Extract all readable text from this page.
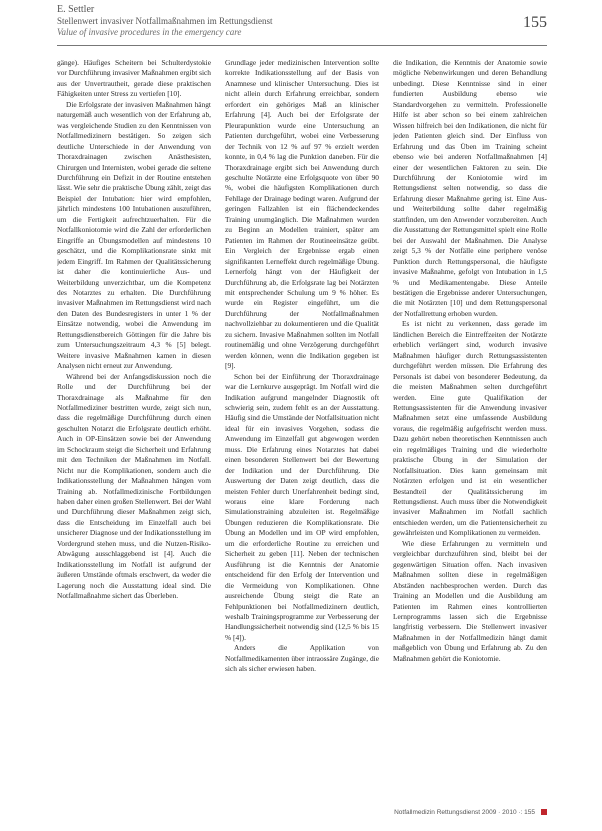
E. Settler
Stellenwert invasiver Notfallmaßnahmen im Rettungsdienst
Value of invasive procedures in the emergency care
155

gänge). Häufiges Scheitern bei Schulterdystokie vor Durchführung invasiver Maßnahmen ergibt sich aus der Unvertrautheit, gerade diese praktischen Fähigkeiten unter Stress zu vertiefen [10].

Die Erfolgsrate der invasiven Maßnahmen hängt naturgemäß auch wesentlich von der Erfahrung ab, was vergleichende Studien zu den Kenntnissen von Notfallmedizinern bestätigen. So zeigen sich deutliche Unterschiede in der Anwendung von Thoraxdrainagen zwischen Anästhesisten, Chirurgen und Internisten, wobei gerade die seltene Durchführung ein Defizit in der Routine entstehen lässt. Wie sehr die praktische Übung zählt, zeigt das Beispiel der Intubation: hier wird empfohlen, jährlich mindestens 100 Intubationen auszuführen, um die Fertigkeit aufrechtzuerhalten. Für die Notfallkoniotomie wird die Zahl der erforderlichen Eingriffe an Übungsmodellen auf mindestens 10 geschätzt, und die Komplikationsrate sinkt mit jedem Eingriff. Im Rahmen der Qualitätssicherung ist daher die kontinuierliche Aus- und Weiterbildung unverzichtbar, um die Kompetenz des Notarztes zu erhalten. Die Durchführung invasiver Maßnahmen im Rettungsdienst wird nach den Daten des Bundesregisters in unter 1 % der Einsätze notwendig, wobei die Anwendung im Rettungsdienstbereich Göttingen für die Jahre bis zum Untersuchungszeitraum 4,3 % [5] belegt. Weitere invasive Maßnahmen kamen in diesen Analysen nicht erneut zur Anwendung.

Während bei der Anfangsdiskussion noch die Rolle und der Durchführung bei der Thoraxdrainage als Maßnahme für den Notfallmediziner bestritten wurde, zeigt sich nun, dass die regelmäßige Durchführung durch einen geschulten Notarzt die Erfolgsrate deutlich erhöht. Auch in OP-Einsätzen sowie bei der Anwendung im Schockraum steigt die Sicherheit und Erfahrung mit den Techniken der Maßnahmen im Notfall. Nicht nur die Komplikationen, sondern auch die Indikationsstellung der Maßnahmen hängen vom Training ab. Notfallmedizinische Fortbildungen haben daher einen großen Stellenwert. Bei der Wahl und Durchführung dieser Maßnahmen zeigt sich, dass die Entscheidung im Einzelfall auch bei unsicherer Diagnose und der Indikationsstellung im Vordergrund stehen muss, und die Nutzen-Risiko-Abwägung ausschlaggebend ist [4]. Auch die Indikationsstellung im Notfall ist aufgrund der äußeren Umstände oftmals erschwert, da weder die Lagerung noch die Ausstattung ideal sind. Die Notfallmaßnahme sichert das Überleben.

Grundlage jeder medizinischen Intervention sollte korrekte Indikationsstellung auf der Basis von Anamnese und klinischer Untersuchung. Dies ist nicht allein durch Erfahrung erreichbar, sondern erfordert ein gehöriges Maß an klinischer Erfahrung [4]. Auch bei der Erfolgsrate der Pleurapunktion wurde eine Untersuchung an Patienten durchgeführt, wobei eine Verbesserung der Technik von 12 % auf 97 % erzielt werden konnte, in 0,4 % lag die Punktion daneben. Für die Thoraxdrainage ergibt sich bei Anwendung durch geschulte Notärzte eine Erfolgsquote von über 90 %, wobei die häufigsten Komplikationen durch Fehllage der Drainage bedingt waren. Aufgrund der geringen Fallzahlen ist ein flächendeckendes Training unumgänglich. Die Maßnahmen wurden zu Beginn an Modellen trainiert, später am Patienten im Rahmen der Routineeinsätze geübt. Ein Vergleich der Ergebnisse ergab einen signifikanten Lerneffekt durch regelmäßige Übung. Lernerfolg hängt von der Häufigkeit der Durchführung ab, die Erfolgsrate lag bei Notärzten mit entsprechender Schulung um 9 % höher. Es wurde ein Register eingeführt, um die Durchführung der Notfallmaßnahmen nachvollziehbar zu dokumentieren und die Qualität zu sichern. Invasive Maßnahmen sollten im Notfall routinemäßig und ohne Verzögerung durchgeführt werden können, wenn die Indikation gegeben ist [9].

Schon bei der Einführung der Thoraxdrainage war die Lernkurve ausgeprägt. Im Notfall wird die Indikation aufgrund mangelnder Diagnostik oft schwierig sein, zudem fehlt es an der Ausstattung. Häufig sind die Umstände der Notfallsituation nicht ideal für ein invasives Vorgehen, sodass die Anwendung im Einzelfall gut abgewogen werden muss. Die Erfahrung eines Notarztes hat dabei einen besonderen Stellenwert bei der Bewertung der Indikation und der Durchführung. Die Auswertung der Daten zeigt deutlich, dass die meisten Fehler durch Unerfahrenheit bedingt sind, woraus eine klare Forderung nach Simulationstraining abzuleiten ist. Regelmäßige Übungen reduzieren die Komplikationsrate. Die Übung an Modellen und im OP wird empfohlen, um die erforderliche Routine zu erreichen und Sicherheit zu geben [11]. Neben der technischen Ausführung ist die Kenntnis der Anatomie entscheidend für den Erfolg der Intervention und die Vermeidung von Komplikationen. Ohne ausreichende Übung steigt die Rate an Fehlpunktionen bei Notfallmedizinern deutlich, weshalb Trainingsprogramme zur Verbesserung der Handlungssicherheit notwendig sind (12,5 % bis 15 % [4]).

Anders die Applikation von Notfallmedikamenten über intraossäre Zugänge, die sich als sicher erwiesen haben.

die Indikation, die Kenntnis der Anatomie sowie mögliche Nebenwirkungen und deren Behandlung unbedingt. Diese Kenntnisse sind in einer fundierten Ausbildung ebenso wie Standardvorgehen zu vermitteln. Professionelle Hilfe ist aber schon so bei einem zahlreichen Wissen hilfreich bei den Indikationen, die nicht für jeden Patienten gleich sind. Der Einfluss von Erfahrung und das Üben im Training scheint ebenso wie bei anderen Notfallmaßnahmen [4] einer der wesentlichen Faktoren zu sein. Die Durchführung der Koniotomie wird im Rettungsdienst selten notwendig, so dass die Erfahrung dieser Maßnahme gering ist. Eine Aus- und Weiterbildung sollte daher regelmäßig stattfinden, um den Anwender vorzubereiten. Auch die Ausstattung der Rettungsmittel spielt eine Rolle bei der Auswahl der Maßnahmen. Die Analyse zeigt 5,3 % der Notfälle eine periphere venöse Punktion durch Rettungspersonal, die häufigste invasive Maßnahme, gefolgt von Intubation in 1,5 % und Medikamentengabe. Diese Anteile bestätigen die Ergebnisse anderer Untersuchungen, die mit Notärzten [10] und dem Rettungspersonal der Notfallrettung erhoben wurden.

Es ist nicht zu verkennen, dass gerade im ländlichen Bereich die Eintreffzeiten der Notärzte erheblich verlängert sind, wodurch invasive Maßnahmen häufiger durch Rettungsassistenten durchgeführt werden müssen. Die Erfahrung des Personals ist dabei von besonderer Bedeutung, da die meisten Maßnahmen selten durchgeführt werden. Eine gute Qualifikation der Rettungsassistenten für die Anwendung invasiver Maßnahmen setzt eine umfassende Ausbildung voraus, die regelmäßig aufgefrischt werden muss. Dazu gehört neben theoretischen Kenntnissen auch ein regelmäßiges Training und die wiederholte praktische Übung in der Simulation der Notfallsituation. Dies kann gemeinsam mit Notärzten erfolgen und ist ein wesentlicher Bestandteil der Qualitätssicherung im Rettungsdienst. Auch muss über die Notwendigkeit invasiver Maßnahmen im Notfall sachlich entschieden werden, um die Patientensicherheit zu gewährleisten und Komplikationen zu vermeiden.

Wie diese Erfahrungen zu vermitteln und vergleichbar durchzuführen sind, bleibt bei der gegenwärtigen Situation offen. Nach invasiven Maßnahmen sollten diese in regelmäßigen Abständen nachbesprochen werden. Durch das Training an Modellen und die Ausbildung am Patienten im Rahmen eines kontrollierten Lernprogramms lassen sich die Ergebnisse langfristig verbessern. Die Stellenwert invasiver Maßnahmen in der Notfallmedizin hängt damit maßgeblich von Übung und Erfahrung ab. Zu den Maßnahmen gehört die Koniotomie.

Notfallmedizin Rettungsdienst 2009 · 2010 ·: 155
